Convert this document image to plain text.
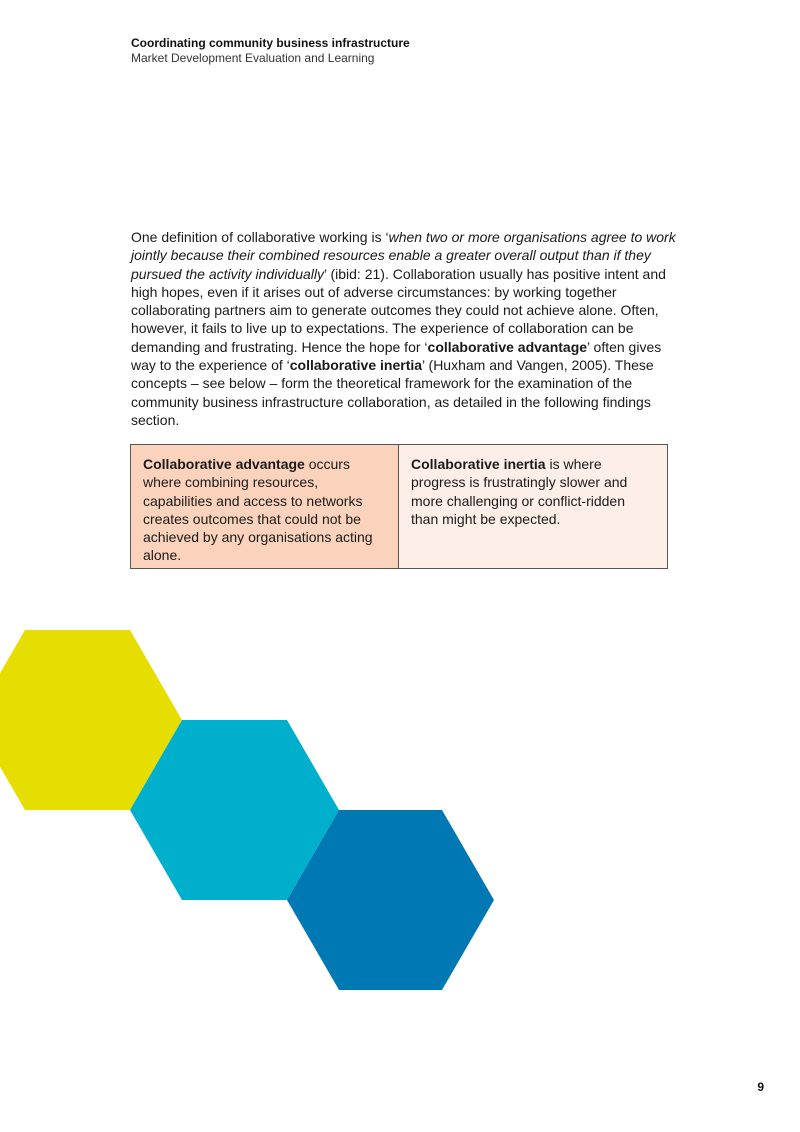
Coordinating community business infrastructure
Market Development Evaluation and Learning

One definition of collaborative working is ‘when two or more organisations agree to work jointly because their combined resources enable a greater overall output than if they pursued the activity individually’ (ibid: 21). Collaboration usually has positive intent and high hopes, even if it arises out of adverse circumstances: by working together collaborating partners aim to generate outcomes they could not achieve alone. Often, however, it fails to live up to expectations. The experience of collaboration can be demanding and frustrating. Hence the hope for ‘collaborative advantage’ often gives way to the experience of ‘collaborative inertia’ (Huxham and Vangen, 2005). These concepts – see below – form the theoretical framework for the examination of the community business infrastructure collaboration, as detailed in the following findings section.

Collaborative advantage occurs where combining resources, capabilities and access to networks creates outcomes that could not be achieved by any organisations acting alone.
Collaborative inertia is where progress is frustratingly slower and more challenging or conflict-ridden than might be expected.
9
